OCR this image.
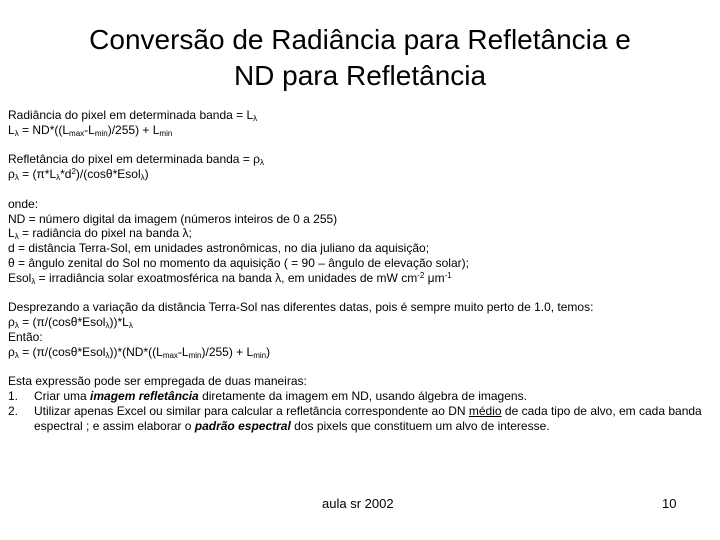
Conversão de Radiância para Refletância e
ND para Refletância
Radiância do pixel em determinada banda = $L_\lambda$
$L_\lambda = ND*((L_{max}-L_{min})/255) + L_{min}$
Refletância do pixel em determinada banda = $\rho_\lambda$
$\rho_\lambda$ = $(\pi*L_\lambda*d^2)/(\cos\theta*Esol_\lambda)$
onde:
ND = número digital da imagem (números inteiros de 0 a 255)
$L_\lambda$ = radiância do pixel na banda λ;
d = distância Terra-Sol, em unidades astronômicas, no dia juliano da aquisição;
θ = ângulo zenital do Sol no momento da aquisição ( = 90 – ângulo de elevação solar);
Esol$_\lambda$ = irradiância solar exoatmosférica na banda λ, em unidades de mW $cm^{-2}$ $\mu m^{-1}$
Desprezando a variação da distância Terra-Sol nas diferentes datas, pois é sempre muito perto de 1.0, temos:
$\rho_\lambda$ = $(\pi/(\cos\theta*Esol_\lambda))*L_\lambda$
Então:
$\rho_\lambda$ = $(\pi/(\cos\theta*Esol_\lambda))*(ND*((L_{max}-L_{min})/255) + L_{min})$
Esta expressão pode ser empregada de duas maneiras:
1. Criar uma imagem refletância diretamente da imagem em ND, usando álgebra de imagens.
2. Utilizar apenas Excel ou similar para calcular a refletância correspondente ao DN médio de cada tipo de alvo, em cada banda espectral ; e assim elaborar o padrão espectral dos pixels que constituem um alvo de interesse.
aula sr 2002	10
